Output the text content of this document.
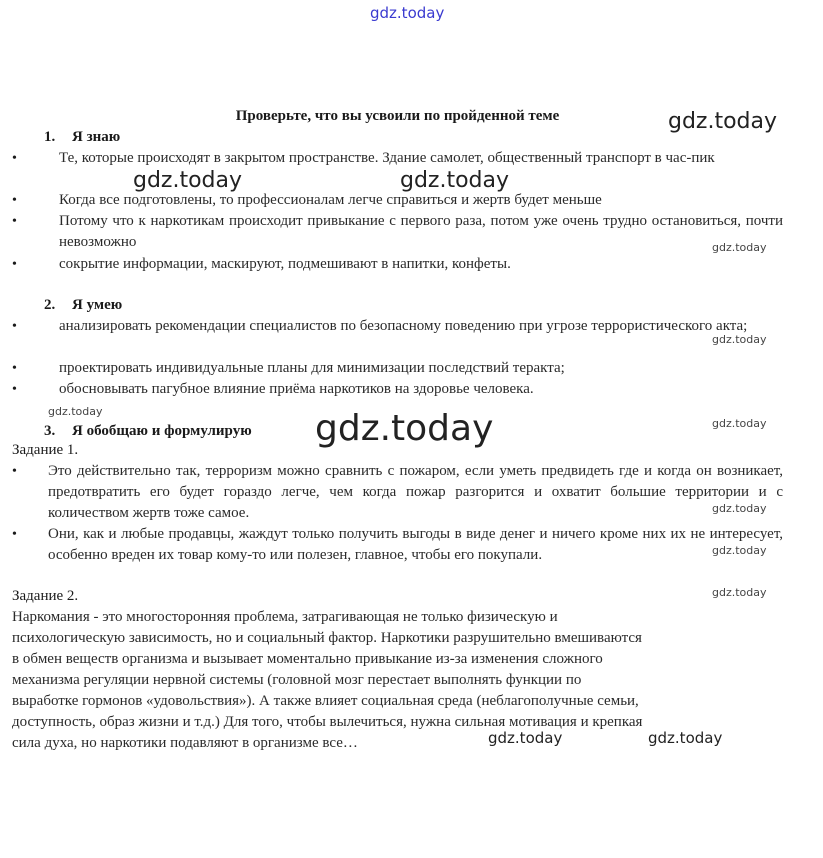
gdz.today
gdz.today
gdz.today	gdz.today
gdz.today
gdz.today
gdz.today	gdz.today	gdz.today
gdz.today
gdz.today
gdz.today
gdz.today	gdz.today
Проверьте, что вы усвоили по пройденной теме
1. Я знаю
•	Те, которые происходят в закрытом пространстве. Здание самолет, общественный транспорт в час-пик
•	Когда все подготовлены, то профессионалам легче справиться и жертв будет меньше
•	Потому что к наркотикам происходит привыкание с первого раза, потом уже очень трудно остановиться, почти невозможно
•	сокрытие информации, маскируют, подмешивают в напитки, конфеты.
2. Я умею
•	анализировать рекомендации специалистов по безопасному поведению при угрозе террористического акта;
•	проектировать индивидуальные планы для минимизации последствий теракта;
•	обосновывать пагубное влияние приёма наркотиков на здоровье человека.
3. Я обобщаю и формулирую
Задание 1.
• Это действительно так, терроризм можно сравнить с пожаром, если уметь предвидеть где и когда он возникает, предотвратить его будет гораздо легче, чем когда пожар разгорится и охватит большие территории и с количеством жертв тоже самое.
• Они, как и любые продавцы, жаждут только получить выгоды в виде денег и ничего кроме них их не интересует, особенно вреден их товар кому-то или полезен, главное, чтобы его покупали.
Задание 2.
Наркомания - это многосторонняя проблема, затрагивающая не только физическую и
психологическую зависимость, но и социальный фактор. Наркотики разрушительно вмешиваются
в обмен веществ организма и вызывает моментально привыкание из-за изменения сложного
механизма регуляции нервной системы (головной мозг перестает выполнять функции по
выработке гормонов «удовольствия»). А также влияет социальная среда (неблагополучные семьи,
доступность, образ жизни и т.д.) Для того, чтобы вылечиться, нужна сильная мотивация и крепкая
сила духа, но наркотики подавляют в организме все…
